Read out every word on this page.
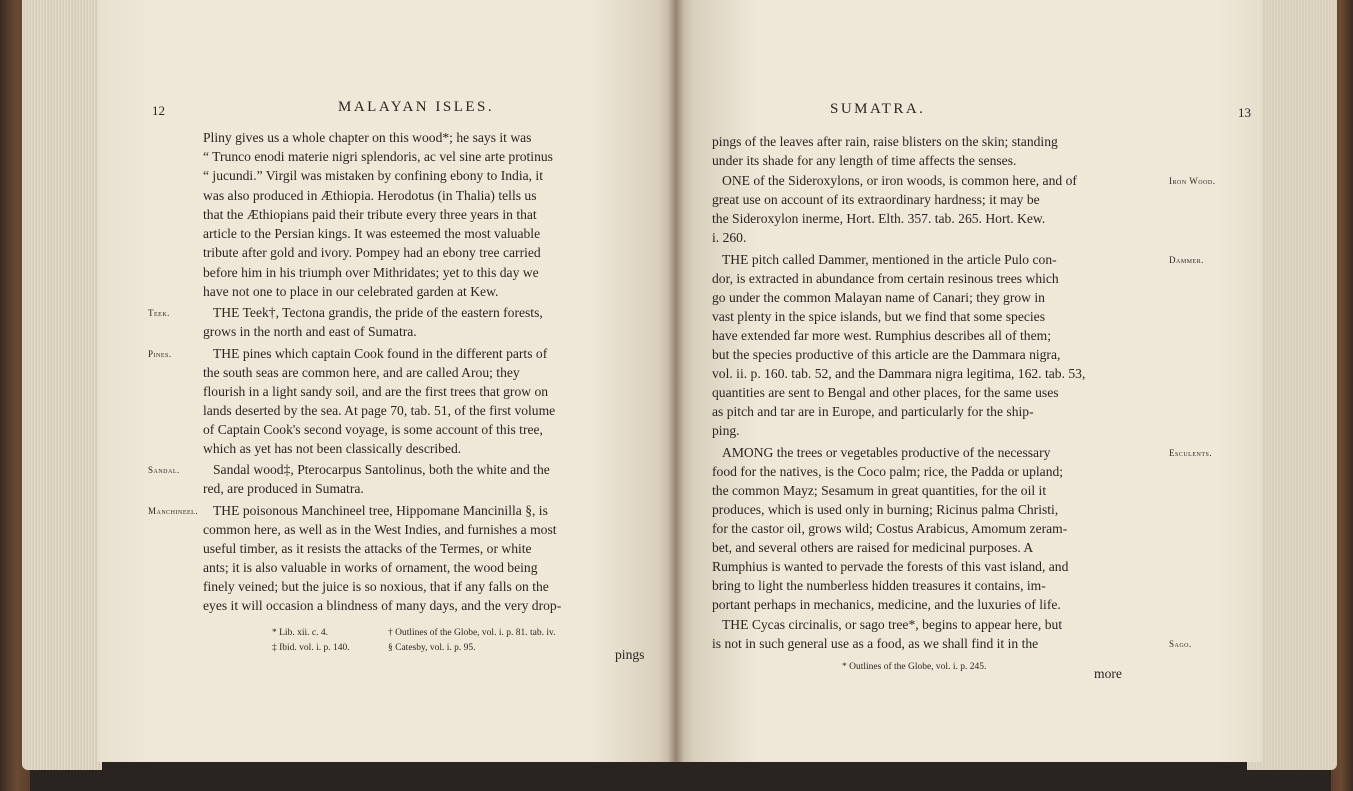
12	MALAYAN ISLES.
Pliny gives us a whole chapter on this wood*; he says it was
“ Trunco enodi materie nigri splendoris, ac vel sine arte protinus
“ jucundi.” Virgil was mistaken by confining ebony to India, it
was also produced in Æthiopia. Herodotus (in Thalia) tells us
that the Æthiopians paid their tribute every three years in that
article to the Persian kings. It was esteemed the most valuable
tribute after gold and ivory. Pompey had an ebony tree carried
before him in his triumph over Mithridates; yet to this day we
have not one to place in our celebrated garden at Kew.
THE Teek†, Tectona grandis, the pride of the eastern forests,
grows in the north and east of Sumatra.
THE pines which captain Cook found in the different parts of
the south seas are common here, and are called Arou; they
flourish in a light sandy soil, and are the first trees that grow on
lands deserted by the sea. At page 70, tab. 51, of the first volume
of Captain Cook's second voyage, is some account of this tree,
which as yet has not been classically described.
Sandal wood‡, Pterocarpus Santolinus, both the white and the
red, are produced in Sumatra.
THE poisonous Manchineel tree, Hippomane Mancinilla §, is
common here, as well as in the West Indies, and furnishes a most
useful timber, as it resists the attacks of the Termes, or white
ants; it is also valuable in works of ornament, the wood being
finely veined; but the juice is so noxious, that if any falls on the
eyes it will occasion a blindness of many days, and the very drop-
Teek.
Pines.
Sandal.
Manchineel.
* Lib. xii. c. 4.	† Outlines of the Globe, vol. i. p. 81. tab. iv.
‡ Ibid. vol. i. p. 140.	§ Catesby, vol. i. p. 95.	pings
SUMATRA.	13
pings of the leaves after rain, raise blisters on the skin; standing
under its shade for any length of time affects the senses.
ONE of the Sideroxylons, or iron woods, is common here, and of
great use on account of its extraordinary hardness; it may be
the Sideroxylon inerme, Hort. Elth. 357. tab. 265. Hort. Kew.
i. 260.
THE pitch called Dammer, mentioned in the article Pulo con-
dor, is extracted in abundance from certain resinous trees which
go under the common Malayan name of Canari; they grow in
vast plenty in the spice islands, but we find that some species
have extended far more west. Rumphius describes all of them;
but the species productive of this article are the Dammara nigra,
vol. ii. p. 160. tab. 52, and the Dammara nigra legitima, 162. tab. 53,
quantities are sent to Bengal and other places, for the same uses
as pitch and tar are in Europe, and particularly for the ship-
ping.
AMONG the trees or vegetables productive of the necessary
food for the natives, is the Coco palm; rice, the Padda or upland;
the common Mayz; Sesamum in great quantities, for the oil it
produces, which is used only in burning; Ricinus palma Christi,
for the castor oil, grows wild; Costus Arabicus, Amomum zeram-
bet, and several others are raised for medicinal purposes. A
Rumphius is wanted to pervade the forests of this vast island, and
bring to light the numberless hidden treasures it contains, im-
portant perhaps in mechanics, medicine, and the luxuries of life.
THE Cycas circinalis, or sago tree*, begins to appear here, but
is not in such general use as a food, as we shall find it in the
Iron Wood.
Dammer.
Esculents.
Sago.
* Outlines of the Globe, vol. i. p. 245.	more
